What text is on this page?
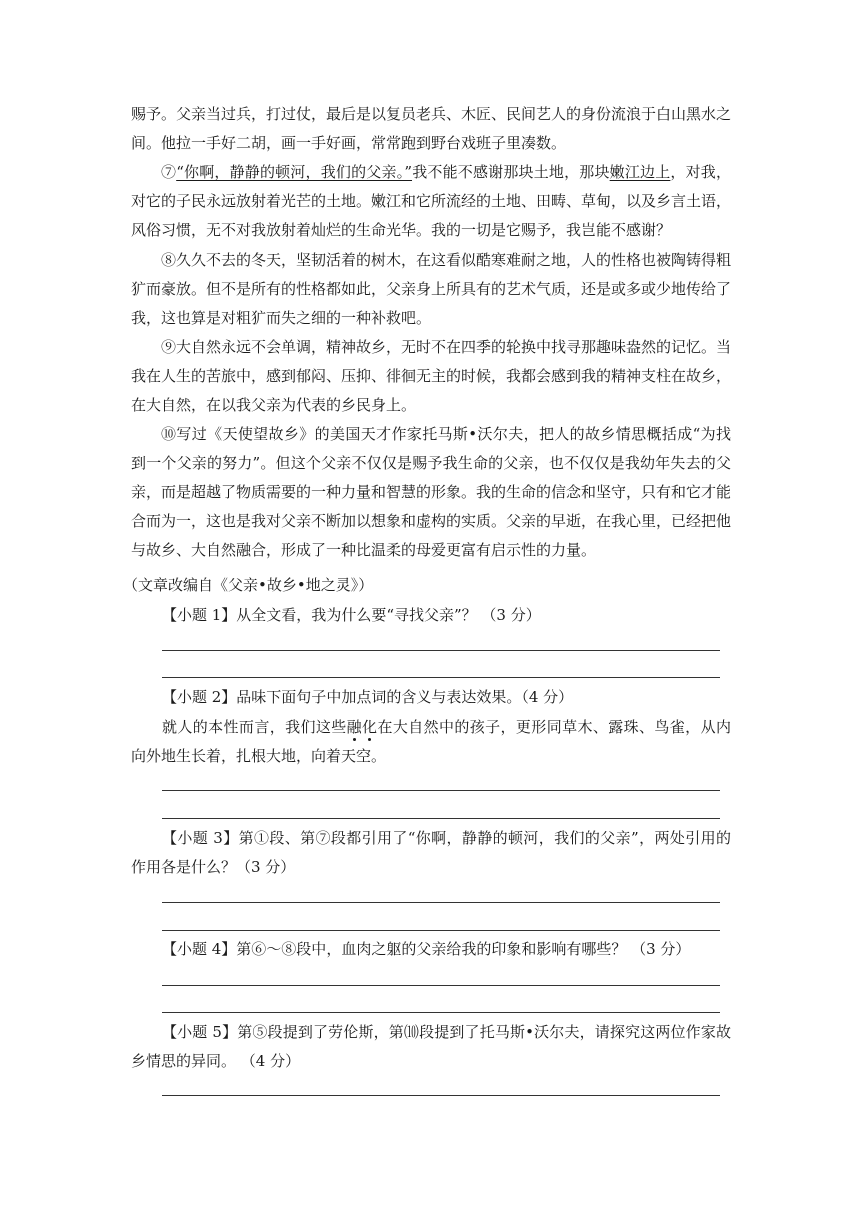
赐予。父亲当过兵，打过仗，最后是以复员老兵、木匠、民间艺人的身份流浪于白山黑水之间。他拉一手好二胡，画一手好画，常常跑到野台戏班子里凑数。

⑦“你啊，静静的顿河，我们的父亲。”我不能不感谢那块土地，那块嫩江边上，对我，对它的子民永远放射着光芒的土地。嫩江和它所流经的土地、田畴、草甸，以及乡言土语，风俗习惯，无不对我放射着灿烂的生命光华。我的一切是它赐予，我岂能不感谢？

⑧久久不去的冬天，坚韧活着的树木，在这看似酷寒难耐之地，人的性格也被陶铸得粗犷而豪放。但不是所有的性格都如此，父亲身上所具有的艺术气质，还是或多或少地传给了我，这也算是对粗犷而失之细的一种补救吧。

⑨大自然永远不会单调，精神故乡，无时不在四季的轮换中找寻那趣味盎然的记忆。当我在人生的苦旅中，感到郁闷、压抑、徘徊无主的时候，我都会感到我的精神支柱在故乡，在大自然，在以我父亲为代表的乡民身上。

⑩写过《天使望故乡》的美国天才作家托马斯•沃尔夫，把人的故乡情思概括成“为找到一个父亲的努力”。但这个父亲不仅仅是赐予我生命的父亲，也不仅仅是我幼年失去的父亲，而是超越了物质需要的一种力量和智慧的形象。我的生命的信念和坚守，只有和它才能合而为一，这也是我对父亲不断加以想象和虚构的实质。父亲的早逝，在我心里，已经把他与故乡、大自然融合，形成了一种比温柔的母爱更富有启示性的力量。

（文章改编自《父亲•故乡•地之灵》）

【小题 1】从全文看，我为什么要“寻找父亲”？ （3 分）

【小题 2】品味下面句子中加点词的含义与表达效果。（4 分）

就人的本性而言，我们这些融化在大自然中的孩子，更形同草木、露珠、鸟雀，从内向外地生长着，扎根大地，向着天空。

【小题 3】第①段、第⑦段都引用了“你啊，静静的顿河，我们的父亲”，两处引用的作用各是什么？（3 分）

【小题 4】第⑥～⑧段中，血肉之躯的父亲给我的印象和影响有哪些？ （3 分）

【小题 5】第⑤段提到了劳伦斯，第⑽段提到了托马斯•沃尔夫，请探究这两位作家故乡情思的异同。 （4 分）
